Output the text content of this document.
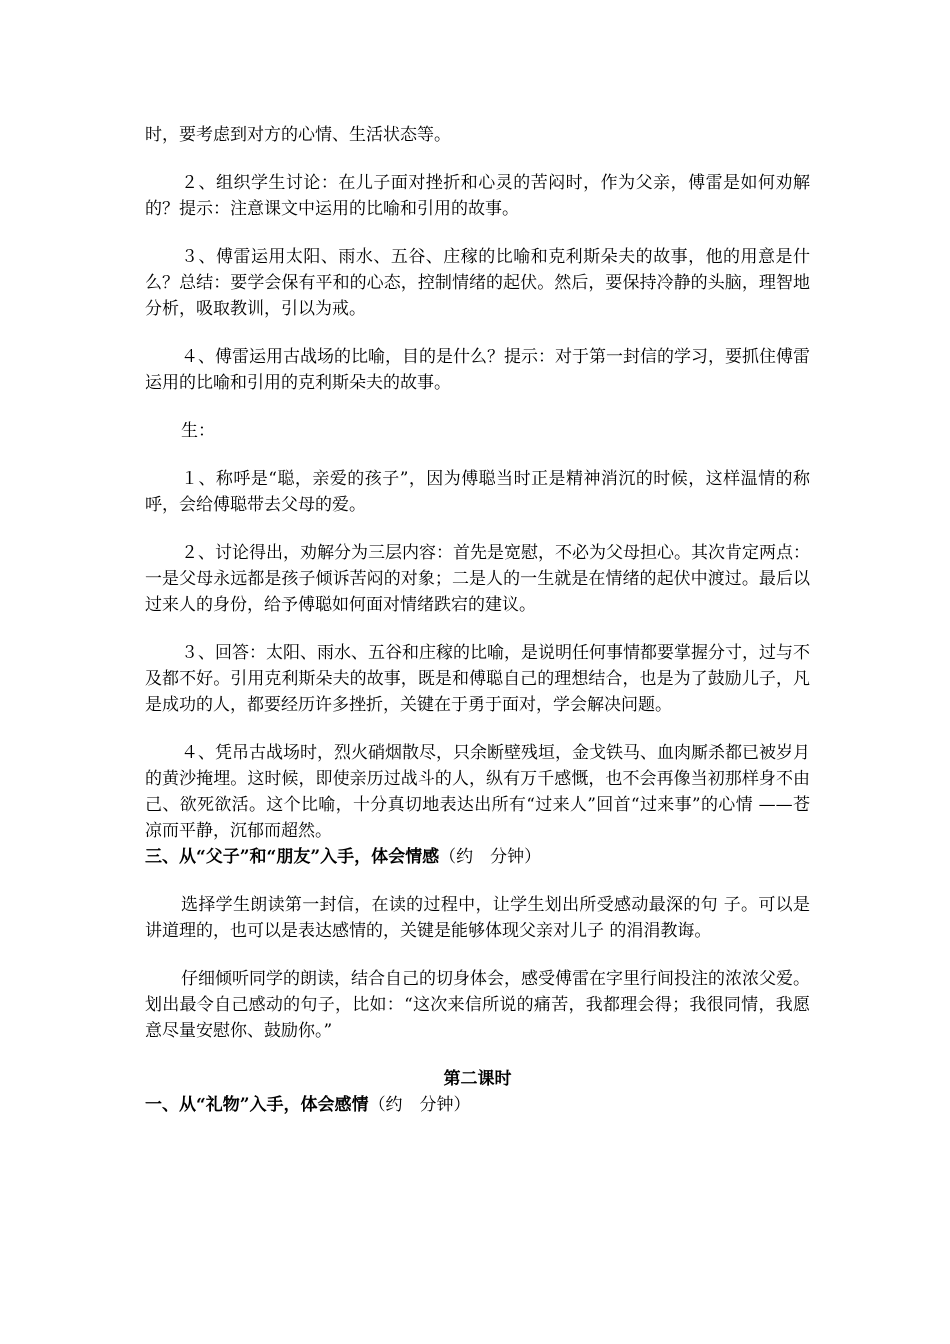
时，要考虑到对方的心情、生活状态等。

２、组织学生讨论：在儿子面对挫折和心灵的苦闷时，作为父亲，傅雷是如何劝解的？提示：注意课文中运用的比喻和引用的故事。

３、傅雷运用太阳、雨水、五谷、庄稼的比喻和克利斯朵夫的故事，他的用意是什么？总结：要学会保有平和的心态，控制情绪的起伏。然后，要保持冷静的头脑，理智地分析，吸取教训，引以为戒。

４、傅雷运用古战场的比喻，目的是什么？提示：对于第一封信的学习，要抓住傅雷运用的比喻和引用的克利斯朵夫的故事。

生：

１、称呼是“聪，亲爱的孩子”，因为傅聪当时正是精神消沉的时候，这样温情的称呼，会给傅聪带去父母的爱。

２、讨论得出，劝解分为三层内容：首先是宽慰，不必为父母担心。其次肯定两点：一是父母永远都是孩子倾诉苦闷的对象；二是人的一生就是在情绪的起伏中渡过。最后以过来人的身份，给予傅聪如何面对情绪跌宕的建议。

３、回答：太阳、雨水、五谷和庄稼的比喻，是说明任何事情都要掌握分寸，过与不及都不好。引用克利斯朵夫的故事，既是和傅聪自己的理想结合，也是为了鼓励儿子，凡是成功的人，都要经历许多挫折，关键在于勇于面对，学会解决问题。

４、凭吊古战场时，烈火硝烟散尽，只余断壁残垣，金戈铁马、血肉厮杀都已被岁月的黄沙掩埋。这时候，即使亲历过战斗的人，纵有万千感慨，也不会再像当初那样身不由己、欲死欲活。这个比喻，十分真切地表达出所有“过来人”回首“过来事”的心情 ——苍凉而平静，沉郁而超然。

三、从“父子”和“朋友”入手，体会情感（约　分钟）

选择学生朗读第一封信，在读的过程中，让学生划出所受感动最深的句 子。可以是讲道理的，也可以是表达感情的，关键是能够体现父亲对儿子 的涓涓教诲。

仔细倾听同学的朗读，结合自己的切身体会，感受傅雷在字里行间投注的浓浓父爱。划出最令自己感动的句子，比如：“这次来信所说的痛苦，我都理会得；我很同情，我愿意尽量安慰你、鼓励你。”

第二课时

一、从“礼物”入手，体会感情（约　分钟）
